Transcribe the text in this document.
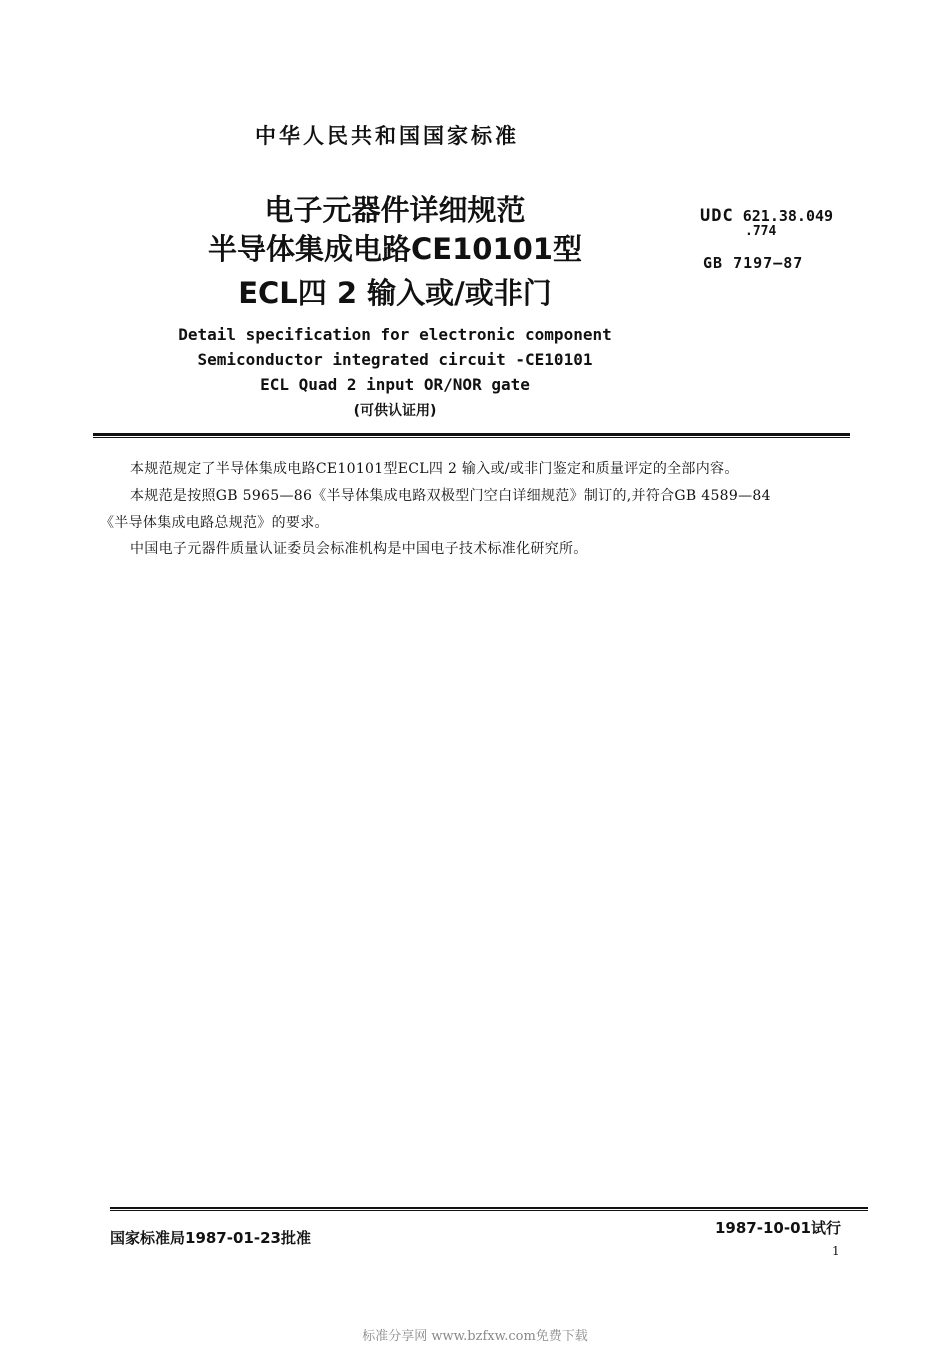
中华人民共和国国家标准
电子元器件详细规范
半导体集成电路CE10101型
ECL四 2 输入或/或非门
UDC 621.38.049
.774
GB 7197—87
Detail specification for electronic component
Semiconductor integrated circuit -CE10101
ECL Quad 2 input OR/NOR gate
(可供认证用)
本规范规定了半导体集成电路CE10101型ECL四 2 输入或/或非门鉴定和质量评定的全部内容。
本规范是按照GB 5965—86《半导体集成电路双极型门空白详细规范》制订的,并符合GB 4589—84
《半导体集成电路总规范》的要求。
中国电子元器件质量认证委员会标准机构是中国电子技术标准化研究所。
国家标准局1987-01-23批准
1987-10-01试行
1
标准分享网 www.bzfxw.com免费下载
